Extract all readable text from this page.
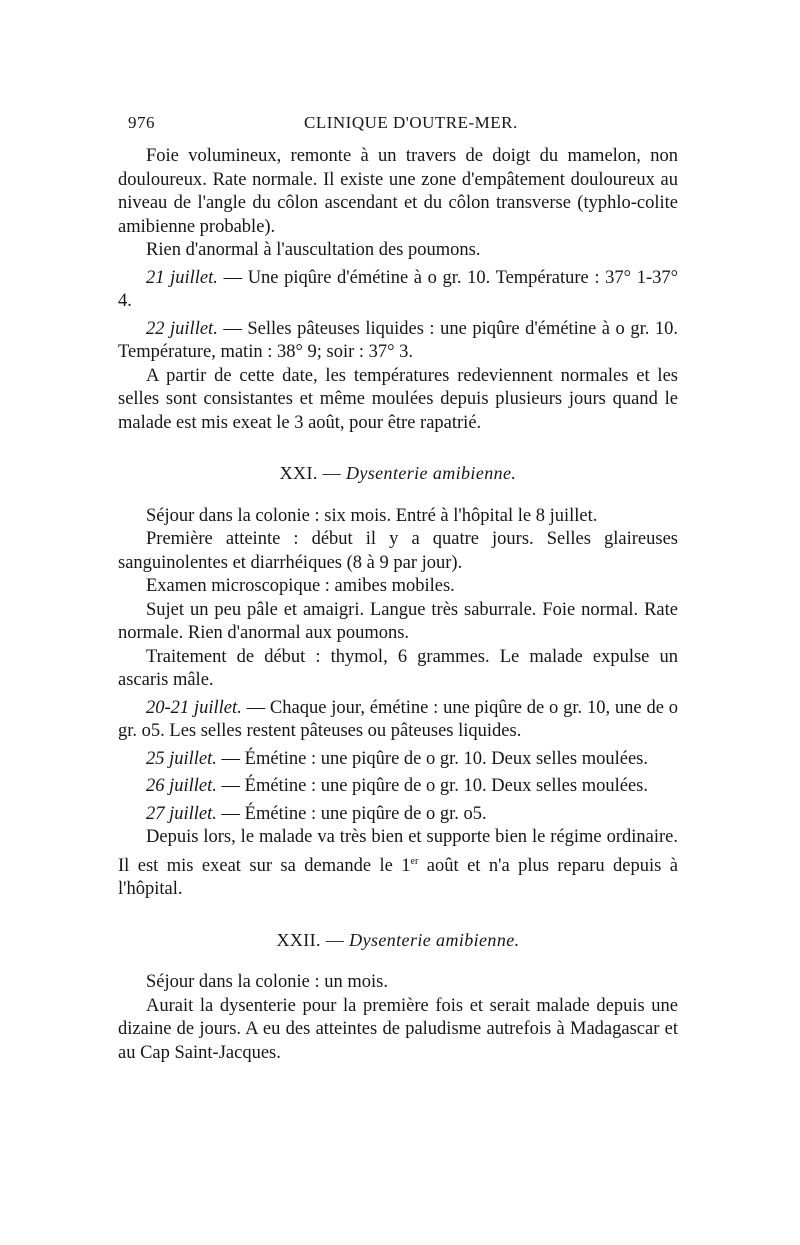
976	CLINIQUE D'OUTRE-MER.

Foie volumineux, remonte à un travers de doigt du mamelon, non douloureux. Rate normale. Il existe une zone d'empâtement douloureux au niveau de l'angle du côlon ascendant et du côlon transverse (typhlo-colite amibienne probable).

Rien d'anormal à l'auscultation des poumons.

21 juillet. — Une piqûre d'émétine à o gr. 10. Température : 37° 1-37° 4.

22 juillet. — Selles pâteuses liquides : une piqûre d'émétine à o gr. 10. Température, matin : 38° 9; soir : 37° 3.

A partir de cette date, les températures redeviennent normales et les selles sont consistantes et même moulées depuis plusieurs jours quand le malade est mis exeat le 3 août, pour être rapatrié.

XXI. — Dysenterie amibienne.

Séjour dans la colonie : six mois. Entré à l'hôpital le 8 juillet.

Première atteinte : début il y a quatre jours. Selles glaireuses sanguinolentes et diarrhéiques (8 à 9 par jour).

Examen microscopique : amibes mobiles.

Sujet un peu pâle et amaigri. Langue très saburrale. Foie normal. Rate normale. Rien d'anormal aux poumons.

Traitement de début : thymol, 6 grammes. Le malade expulse un ascaris mâle.

20-21 juillet. — Chaque jour, émétine : une piqûre de o gr. 10, une de o gr. o5. Les selles restent pâteuses ou pâteuses liquides.

25 juillet. — Émétine : une piqûre de o gr. 10. Deux selles moulées.

26 juillet. — Émétine : une piqûre de o gr. 10. Deux selles moulées.

27 juillet. — Émétine : une piqûre de o gr. o5.

Depuis lors, le malade va très bien et supporte bien le régime ordinaire. Il est mis exeat sur sa demande le 1er août et n'a plus reparu depuis à l'hôpital.

XXII. — Dysenterie amibienne.

Séjour dans la colonie : un mois.

Aurait la dysenterie pour la première fois et serait malade depuis une dizaine de jours. A eu des atteintes de paludisme autrefois à Madagascar et au Cap Saint-Jacques.
